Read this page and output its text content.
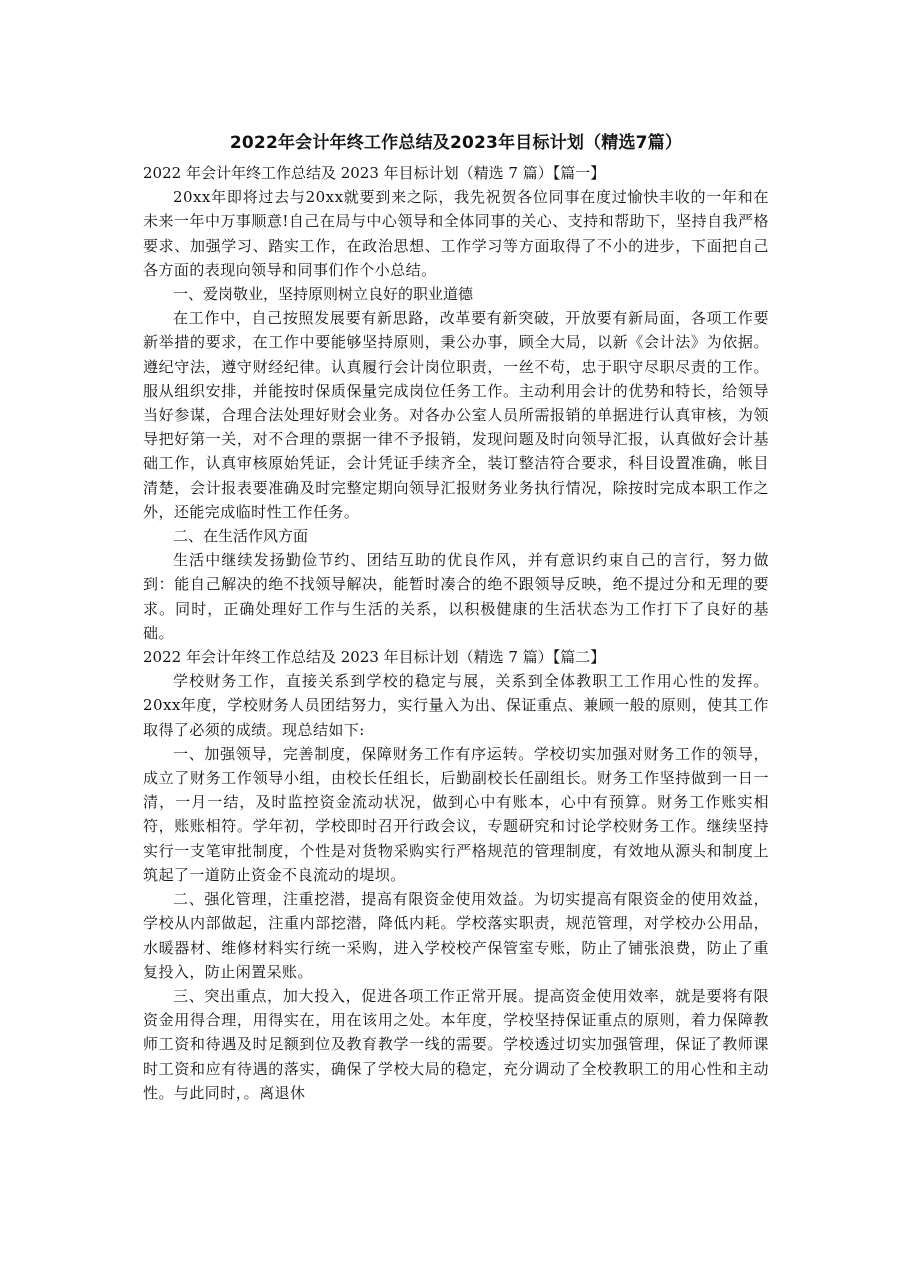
2022年会计年终工作总结及2023年目标计划（精选7篇）
2022 年会计年终工作总结及 2023 年目标计划（精选 7 篇）【篇一】

20xx年即将过去与20xx就要到来之际，我先祝贺各位同事在度过愉快丰收的一年和在未来一年中万事顺意!自己在局与中心领导和全体同事的关心、支持和帮助下，坚持自我严格要求、加强学习、踏实工作，在政治思想、工作学习等方面取得了不小的进步，下面把自己各方面的表现向领导和同事们作个小总结。

一、爱岗敬业，坚持原则树立良好的职业道德

在工作中，自己按照发展要有新思路，改革要有新突破，开放要有新局面，各项工作要新举措的要求，在工作中要能够坚持原则，秉公办事，顾全大局，以新《会计法》为依据。遵纪守法，遵守财经纪律。认真履行会计岗位职责，一丝不苟，忠于职守尽职尽责的工作。服从组织安排，并能按时保质保量完成岗位任务工作。主动利用会计的优势和特长，给领导当好参谋，合理合法处理好财会业务。对各办公室人员所需报销的单据进行认真审核，为领导把好第一关，对不合理的票据一律不予报销，发现问题及时向领导汇报，认真做好会计基础工作，认真审核原始凭证，会计凭证手续齐全，装订整洁符合要求，科目设置准确，帐目清楚，会计报表要准确及时完整定期向领导汇报财务业务执行情况，除按时完成本职工作之外，还能完成临时性工作任务。

二、在生活作风方面

生活中继续发扬勤俭节约、团结互助的优良作风，并有意识约束自己的言行，努力做到：能自己解决的绝不找领导解决，能暂时凑合的绝不跟领导反映，绝不提过分和无理的要求。同时，正确处理好工作与生活的关系，以积极健康的生活状态为工作打下了良好的基础。

2022 年会计年终工作总结及 2023 年目标计划（精选 7 篇）【篇二】

学校财务工作，直接关系到学校的稳定与展，关系到全体教职工工作用心性的发挥。20xx年度，学校财务人员团结努力，实行量入为出、保证重点、兼顾一般的原则，使其工作取得了必须的成绩。现总结如下:

一、加强领导，完善制度，保障财务工作有序运转。学校切实加强对财务工作的领导，成立了财务工作领导小组，由校长任组长，后勤副校长任副组长。财务工作坚持做到一日一清，一月一结，及时监控资金流动状况，做到心中有账本，心中有预算。财务工作账实相符，账账相符。学年初，学校即时召开行政会议，专题研究和讨论学校财务工作。继续坚持实行一支笔审批制度，个性是对货物采购实行严格规范的管理制度，有效地从源头和制度上筑起了一道防止资金不良流动的堤坝。

二、强化管理，注重挖潜，提高有限资金使用效益。为切实提高有限资金的使用效益，学校从内部做起，注重内部挖潜，降低内耗。学校落实职责，规范管理，对学校办公用品，水暖器材、维修材料实行统一采购，进入学校校产保管室专账，防止了铺张浪费，防止了重复投入，防止闲置呆账。

三、突出重点，加大投入，促进各项工作正常开展。提高资金使用效率，就是要将有限资金用得合理，用得实在，用在该用之处。本年度，学校坚持保证重点的原则，着力保障教师工资和待遇及时足额到位及教育教学一线的需要。学校透过切实加强管理，保证了教师课时工资和应有待遇的落实，确保了学校大局的稳定，充分调动了全校教职工的用心性和主动性。与此同时，。离退休
